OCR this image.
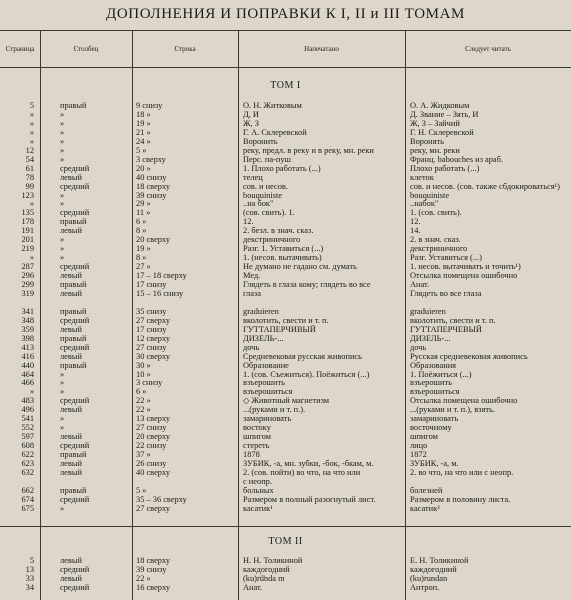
ДОПОЛНЕНИЯ И ПОПРАВКИ К I, II и III ТОМАМ
Страница	Столбец	Строка	Напечатано	Следует читать
ТОМ I
5	правый	9 снизу	О. Н. Житковым	О. А. Жидковым
»	»	18 »	Д, И	Д. Звание – Зять, И
»	»	19 »	Ж, З	Ж, З – Зайчий
»	»	21 »	Г. А. Склеревской	Г. Н. Склеревской
»	»	24 »	Воронить	Воронять
12	»	5 »	ре́ку, предл. в реку и в ре́ку, мн. ре́ки	ре́ку, мн. ре́ки
54	»	3 сверху	Перс. па-пуш	Франц. babouches из араб.
61	средний	20 »	1. Плохо работать (...)	Плохо работать (...)
78	левый	40 снизу	телец	клеток
99	средний	18 сверху	сов. и несов.	сов. и несов. (сов. также сбдокироваться¹)
123	»	39 снизу	bouquiniste	bouquiniste
»	»	29 »	..на бок"	..набок"
135	средний	11 »	(сов. свить). 1.	1. (сов. свить).
178	правый	6 »	12.	12.
191	левый	8 »	2. безл. в знач. сказ.	14.
201	»	20 сверху	декстриничного	2. в знач. сказ.
219	»	19 »	Разг. 1. Уставиться (...)	декстриничного
»	»	8 »	1. (несов. вытачивать)	Разг. Уставиться (...)
287	средний	27 »	Не думано не гадано см. думать	1. несов. вытачивать и точить¹)
296	левый	17 – 18 сверху	Мед.	Отсылка помещена ошибочно
299	правый	17 снизу	Глядеть в глаза кому; глядеть во все	Анат.
319	левый	15 – 16 снизу	глаза	Глядеть во все глаза
341	правый	35 снизу	graduieren	graduieren
348	средний	27 сверху	вколотить, свести и т. п.	вколотить, свести и т. п.
359	левый	17 снизу	ГУТТАПЕРЧИВЫЙ	ГУТТАПЕРЧЕВЫЙ
398	правый	12 сверху	ДИЗЕЛЬ-...	ДИЗЕЛЬ-...
413	средний	27 снизу	дочь	дочь
416	левый	30 сверху	Средневековая русская живопись	Русская средневековая живопись
440	правый	30 »	Образование	Образования
464	»	10 »	1. (сов. Съежиться). Поёжиться (...)	1. Поёжиться (...)
466	»	3 снизу	взъерошить	взъерошить
»	»	6 »	взъерошиться	взъерошиться
483	средний	22 »	◇ Животный магнетизм	Отсылка помещена ошибочно
496	левый	22 »	...(руками и т. п.).	...(руками и т. п.), взять.
541	»	13 сверху	замариновать	замариновать
552	»	27 снизу	востоку	восточному
597	левый	20 сверху	шпигом	шпигом
608	средний	22 снизу	стереть	лицо
622	правый	37 »	1878	1872
623	левый	26 снизу	ЗУБИК, -а, мн. зубки, -бок, -бкам, м.	ЗУБИК, -а, м.
632	левый	40 сверху	2. (сов. пойти) во что, на что или	2. во что, на что или с неопр.
с неопр.
662	правый	5 »	больных	болезней
674	средний	35 – 36 сверху	Размером в полный разогнутый лист.	Размером в половину листа.
675	»	27 сверху	касатик¹	касатик²
ТОМ II
5	левый	18 сверху	Н. Н. Толикиной	Е. Н. Толикиной
13	средний	39 снизу	каждогодний	каждогодний
33	левый	22 »	(ku)rü̈nda m	(ku)rundan
34	средний	16 сверху	Анат.	Антроп.
